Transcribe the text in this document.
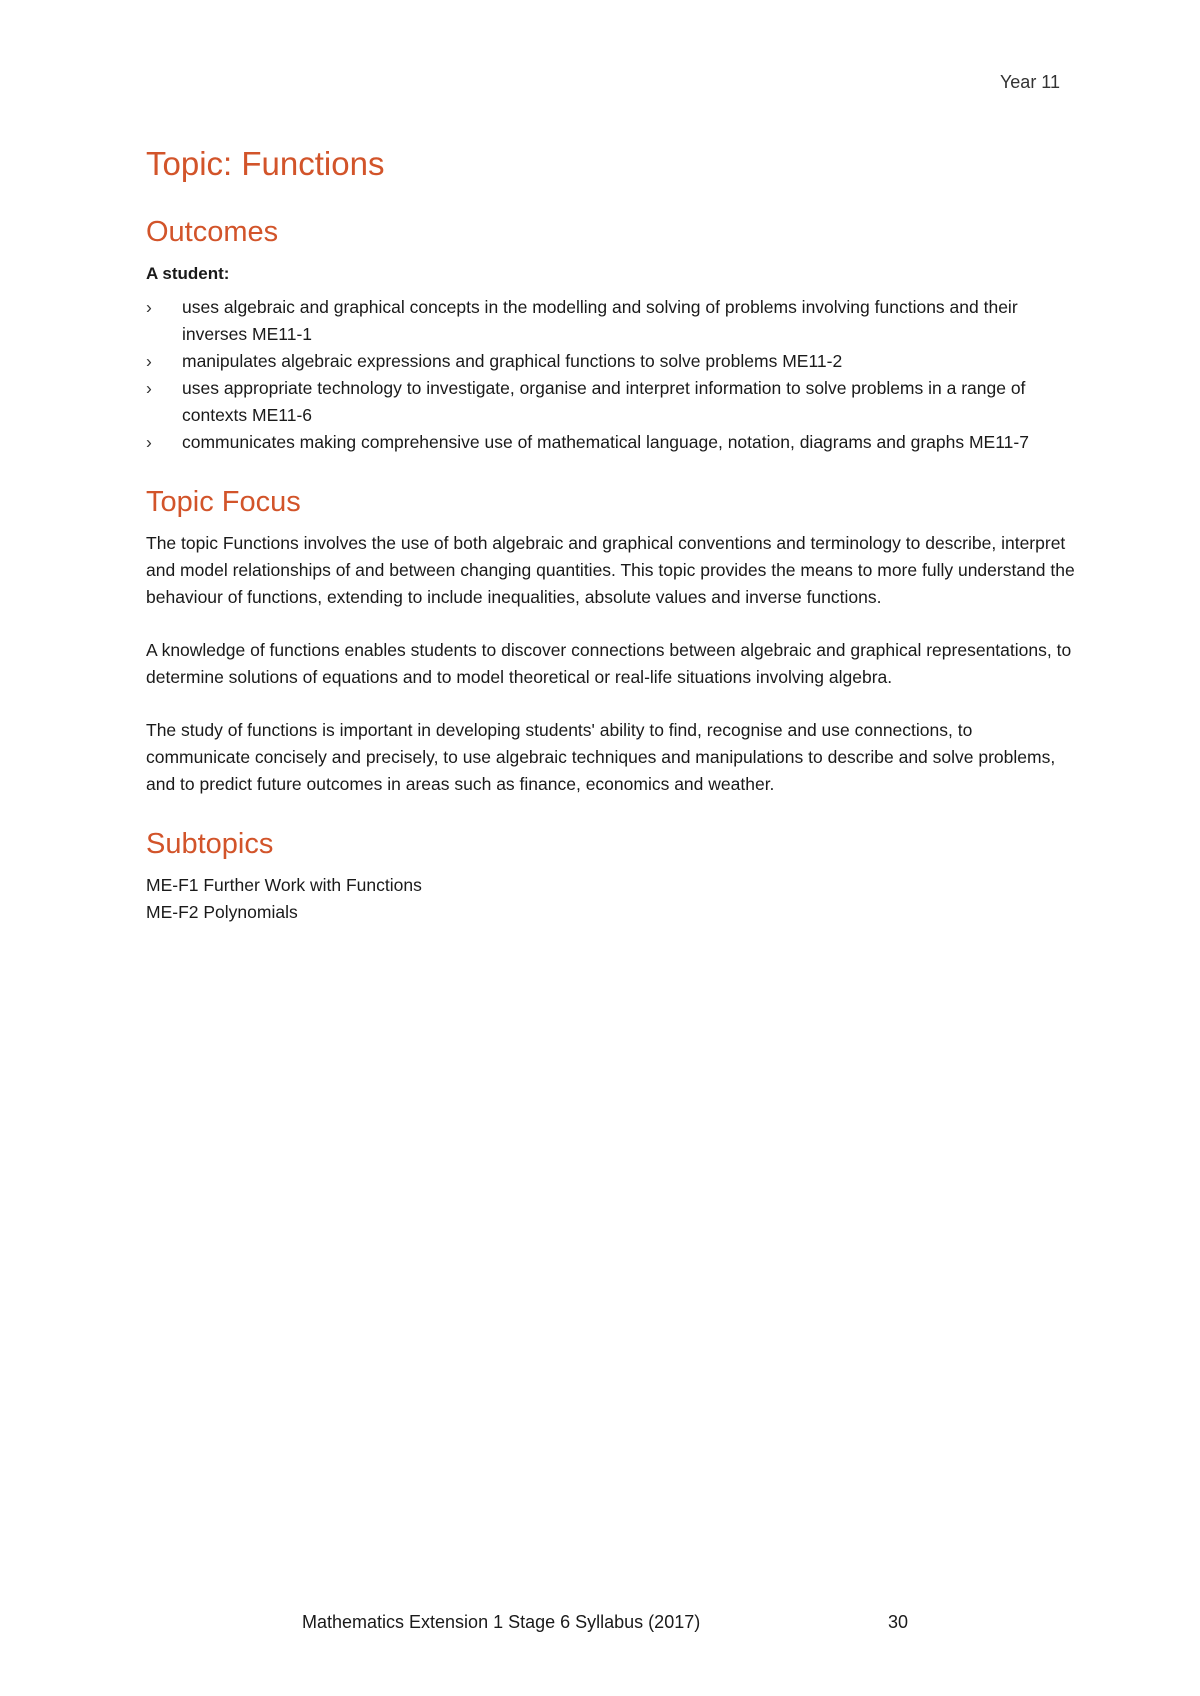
Year 11
Topic: Functions
Outcomes
A student:
› uses algebraic and graphical concepts in the modelling and solving of problems involving functions and their inverses ME11-1
› manipulates algebraic expressions and graphical functions to solve problems ME11-2
› uses appropriate technology to investigate, organise and interpret information to solve problems in a range of contexts ME11-6
› communicates making comprehensive use of mathematical language, notation, diagrams and graphs ME11-7
Topic Focus

The topic Functions involves the use of both algebraic and graphical conventions and terminology to describe, interpret and model relationships of and between changing quantities. This topic provides the means to more fully understand the behaviour of functions, extending to include inequalities, absolute values and inverse functions.

A knowledge of functions enables students to discover connections between algebraic and graphical representations, to determine solutions of equations and to model theoretical or real-life situations involving algebra.

The study of functions is important in developing students' ability to find, recognise and use connections, to communicate concisely and precisely, to use algebraic techniques and manipulations to describe and solve problems, and to predict future outcomes in areas such as finance, economics and weather.

Subtopics
ME-F1 Further Work with Functions
ME-F2 Polynomials
Mathematics Extension 1 Stage 6 Syllabus (2017)	30
